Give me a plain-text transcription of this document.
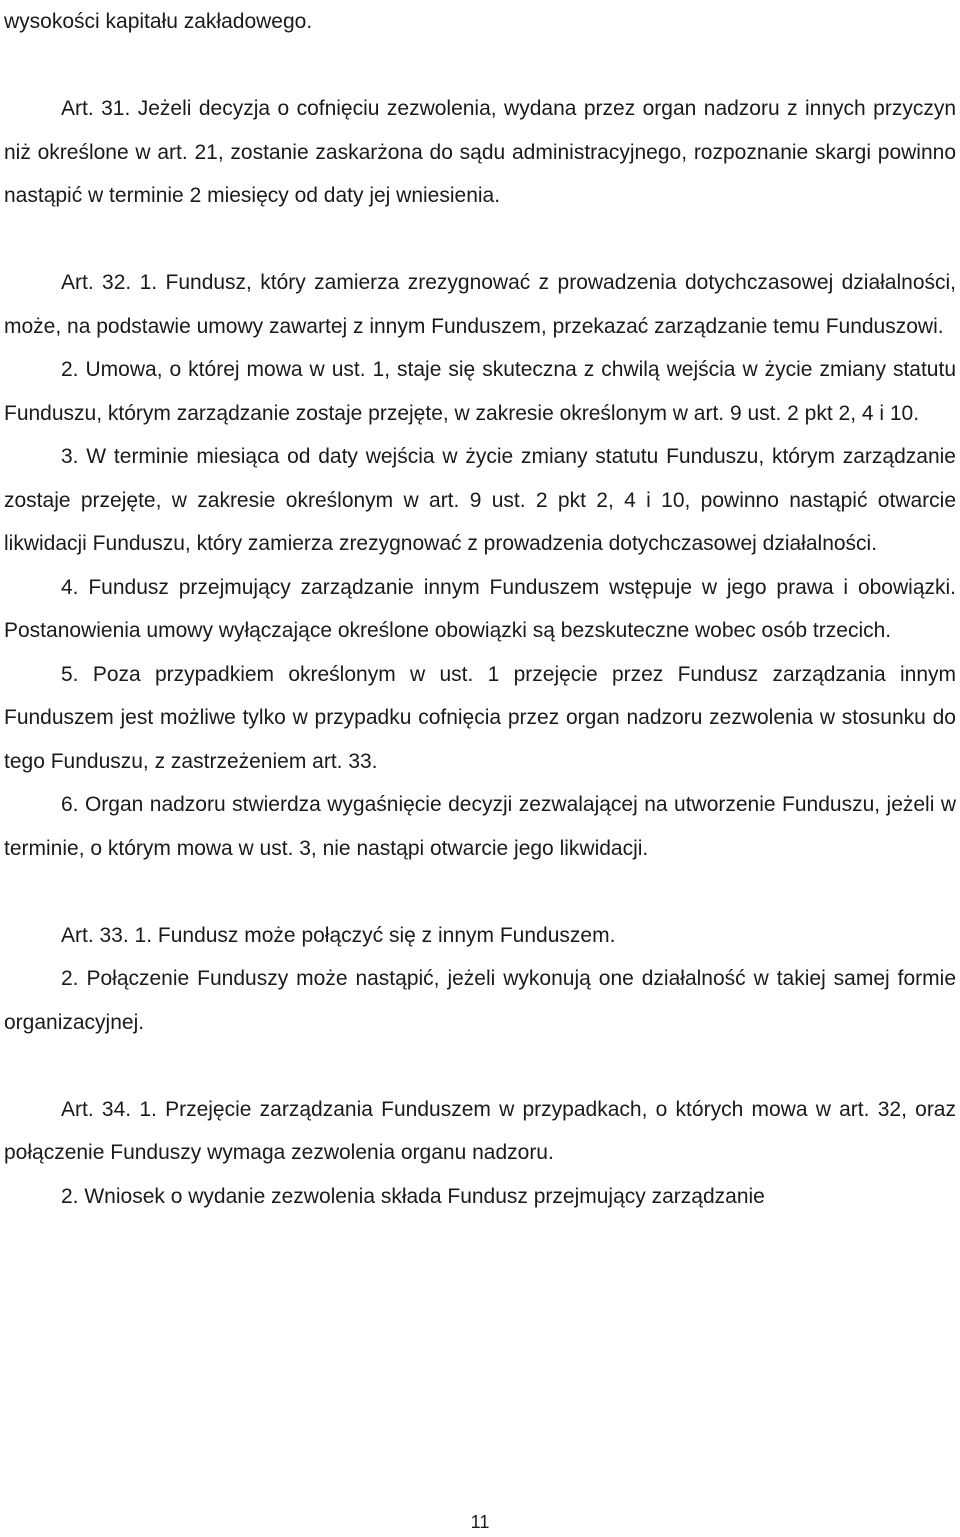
wysokości kapitału zakładowego.

Art. 31. Jeżeli decyzja o cofnięciu zezwolenia, wydana przez organ nadzoru z innych przyczyn niż określone w art. 21, zostanie zaskarżona do sądu administracyjnego, rozpoznanie skargi powinno nastąpić w terminie 2 miesięcy od daty jej wniesienia.

Art. 32. 1. Fundusz, który zamierza zrezygnować z prowadzenia dotychczasowej działalności, może, na podstawie umowy zawartej z innym Funduszem, przekazać zarządzanie temu Funduszowi.

2. Umowa, o której mowa w ust. 1, staje się skuteczna z chwilą wejścia w życie zmiany statutu Funduszu, którym zarządzanie zostaje przejęte, w zakresie określonym w art. 9 ust. 2 pkt 2, 4 i 10.

3. W terminie miesiąca od daty wejścia w życie zmiany statutu Funduszu, którym zarządzanie zostaje przejęte, w zakresie określonym w art. 9 ust. 2 pkt 2, 4 i 10, powinno nastąpić otwarcie likwidacji Funduszu, który zamierza zrezygnować z prowadzenia dotychczasowej działalności.

4. Fundusz przejmujący zarządzanie innym Funduszem wstępuje w jego prawa i obowiązki. Postanowienia umowy wyłączające określone obowiązki są bezskuteczne wobec osób trzecich.

5. Poza przypadkiem określonym w ust. 1 przejęcie przez Fundusz zarządzania innym Funduszem jest możliwe tylko w przypadku cofnięcia przez organ nadzoru zezwolenia w stosunku do tego Funduszu, z zastrzeżeniem art. 33.

6. Organ nadzoru stwierdza wygaśnięcie decyzji zezwalającej na utworzenie Funduszu, jeżeli w terminie, o którym mowa w ust. 3, nie nastąpi otwarcie jego likwidacji.

Art. 33. 1. Fundusz może połączyć się z innym Funduszem.

2. Połączenie Funduszy może nastąpić, jeżeli wykonują one działalność w takiej samej formie organizacyjnej.

Art. 34. 1. Przejęcie zarządzania Funduszem w przypadkach, o których mowa w art. 32, oraz połączenie Funduszy wymaga zezwolenia organu nadzoru.

2. Wniosek o wydanie zezwolenia składa Fundusz przejmujący zarządzanie

11
